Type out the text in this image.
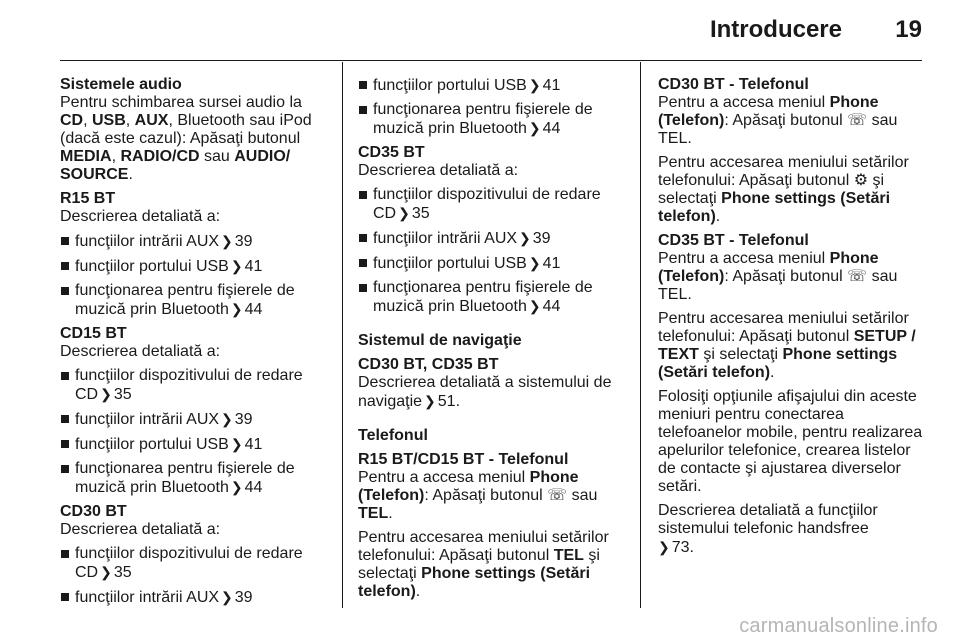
Introducere 19

Sistemele audio

Pentru schimbarea sursei audio la CD, USB, AUX, Bluetooth sau iPod (dacă este cazul): Apăsaţi butonul MEDIA, RADIO/CD sau AUDIO/ SOURCE.

R15 BT

Descrierea detaliată a:

funcţiilor intrării AUX ❯ 39
funcţiilor portului USB ❯ 41
funcţionarea pentru fişierele de muzică prin Bluetooth ❯ 44

CD15 BT

Descrierea detaliată a:

funcţiilor dispozitivului de redare CD ❯ 35
funcţiilor intrării AUX ❯ 39
funcţiilor portului USB ❯ 41
funcţionarea pentru fişierele de muzică prin Bluetooth ❯ 44

CD30 BT

Descrierea detaliată a:

funcţiilor dispozitivului de redare CD ❯ 35
funcţiilor intrării AUX ❯ 39
funcţiilor portului USB ❯ 41
funcţionarea pentru fişierele de muzică prin Bluetooth ❯ 44

CD35 BT

Descrierea detaliată a:

funcţiilor dispozitivului de redare CD ❯ 35
funcţiilor intrării AUX ❯ 39
funcţiilor portului USB ❯ 41
funcţionarea pentru fişierele de muzică prin Bluetooth ❯ 44

Sistemul de navigaţie

CD30 BT, CD35 BT

Descrierea detaliată a sistemului de navigaţie ❯ 51.

Telefonul

R15 BT/CD15 BT - Telefonul

Pentru a accesa meniul Phone (Telefon): Apăsaţi butonul ☏ sau TEL.

Pentru accesarea meniului setărilor telefonului: Apăsaţi butonul TEL şi selectaţi Phone settings (Setări telefon).

CD30 BT - Telefonul

Pentru a accesa meniul Phone (Telefon): Apăsaţi butonul ☏ sau TEL.

Pentru accesarea meniului setărilor telefonului: Apăsaţi butonul ⚙ şi selectaţi Phone settings (Setări telefon).

CD35 BT - Telefonul

Pentru a accesa meniul Phone (Telefon): Apăsaţi butonul ☏ sau TEL.

Pentru accesarea meniului setărilor telefonului: Apăsaţi butonul SETUP / TEXT şi selectaţi Phone settings (Setări telefon).

Folosiţi opţiunile afişajului din aceste meniuri pentru conectarea telefoanelor mobile, pentru realizarea apelurilor telefonice, crearea listelor de contacte şi ajustarea diverselor setări.

Descrierea detaliată a funcţiilor sistemului telefonic handsfree
❯ 73.

carmanualsonline.info
